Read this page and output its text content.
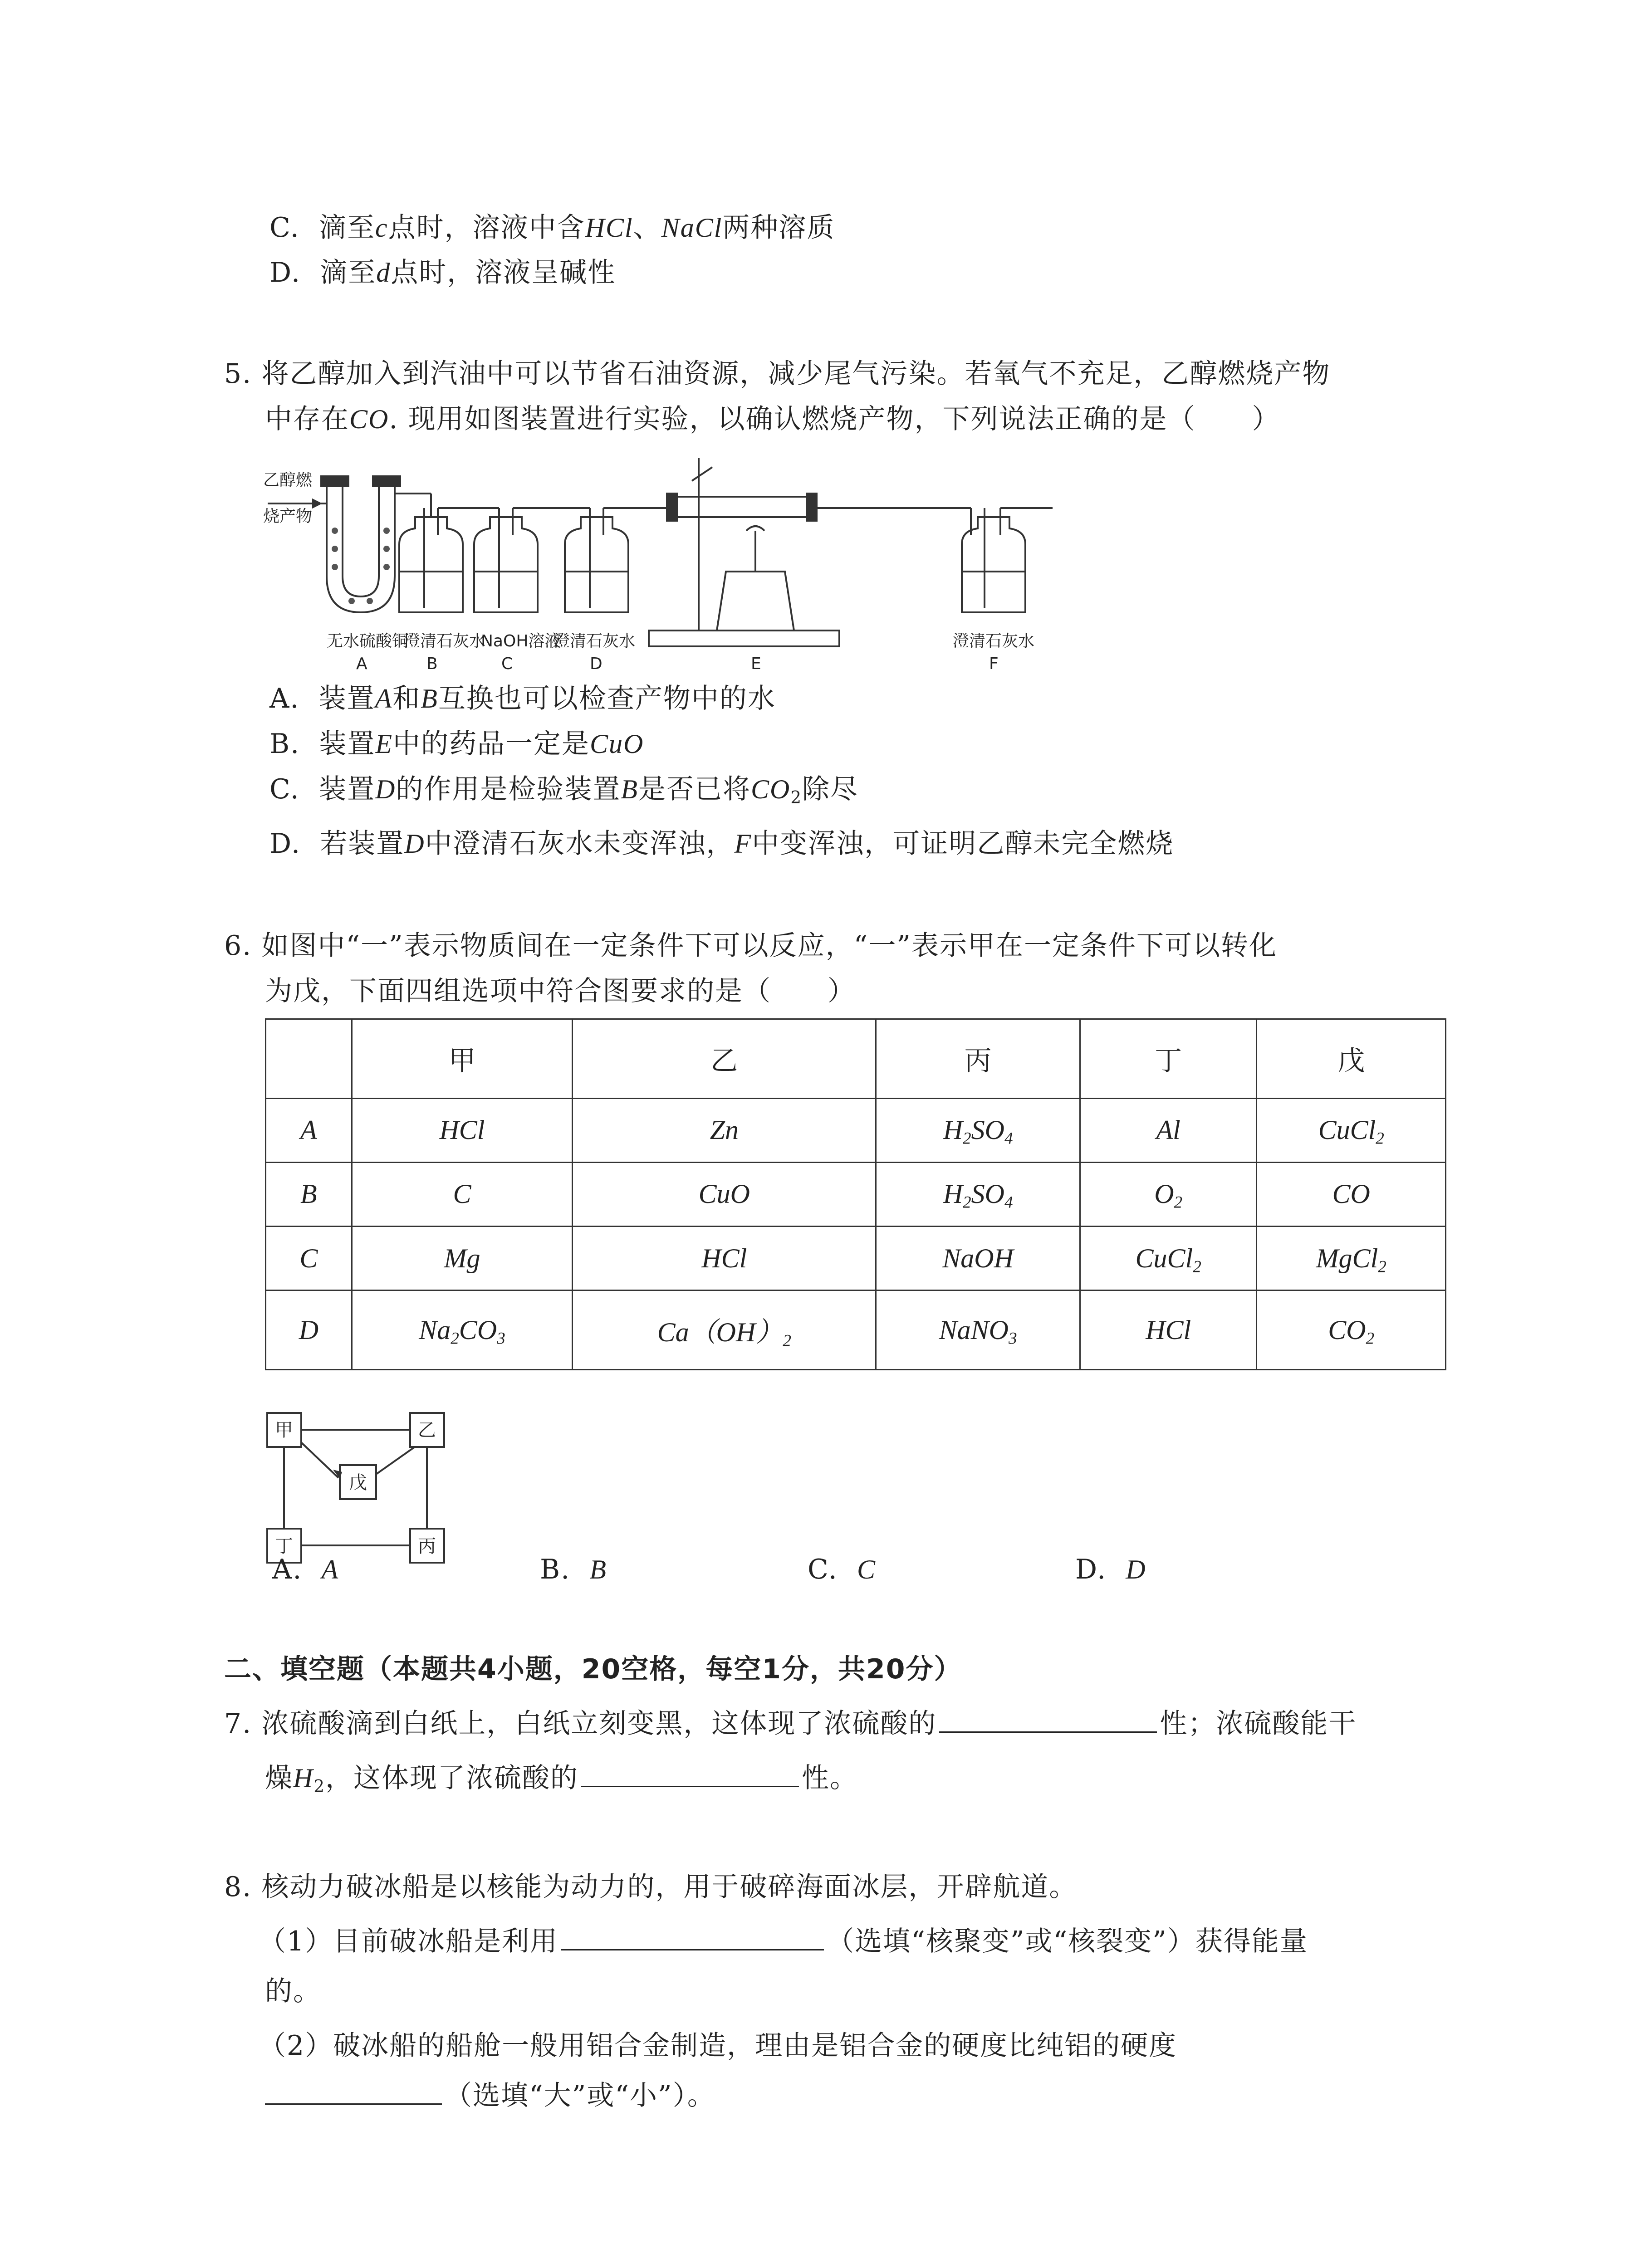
C. 滴至c点时，溶液中含HCl、NaCl两种溶质
D. 滴至d点时，溶液呈碱性
5. 将乙醇加入到汽油中可以节省石油资源，减少尾气污染。若氧气不充足，乙醇燃烧产物
中存在CO. 现用如图装置进行实验，以确认燃烧产物，下列说法正确的是（　　）
乙醇燃
烧产物
无水硫酸铜
澄清石灰水
NaOH溶液
澄清石灰水	澄清石灰水
A	B	C	D	E	F
A. 装置A和B互换也可以检查产物中的水
B. 装置E中的药品一定是CuO
C. 装置D的作用是检验装置B是否已将$CO_2$除尽
D. 若装置D中澄清石灰水未变浑浊，F中变浑浊，可证明乙醇未完全燃烧
6. 如图中“一”表示物质间在一定条件下可以反应，“一”表示甲在一定条件下可以转化
为戊，下面四组选项中符合图要求的是（　　）
	甲	乙	丙	丁	戊
A	HCl	Zn	$H_2SO_4$	Al	CuCl$_2$
B	C	CuO	$H_2SO_4$	$O_2$	CO
C	Mg	HCl	NaOH	CuCl$_2$	MgCl$_2$
D	$Na_2CO_3$	$Ca(OH)_2$	NaNO$_3$	HCl	$CO_2$
甲	乙
戊
丁	丙
A. A	B. B	C. C	D. D
二、填空题（本题共4小题，20空格，每空1分，共20分）
7. 浓硫酸滴到白纸上，白纸立刻变黑，这体现了浓硫酸的	性；浓硫酸能干
燥$H_2$，这体现了浓硫酸的	性。
8. 核动力破冰船是以核能为动力的，用于破碎海面冰层，开辟航道。
（1）目前破冰船是利用	（选填“核聚变”或“核裂变”）获得能量
的。
（2）破冰船的船舱一般用铝合金制造，理由是铝合金的硬度比纯铝的硬度
（选填“大”或“小”）。
